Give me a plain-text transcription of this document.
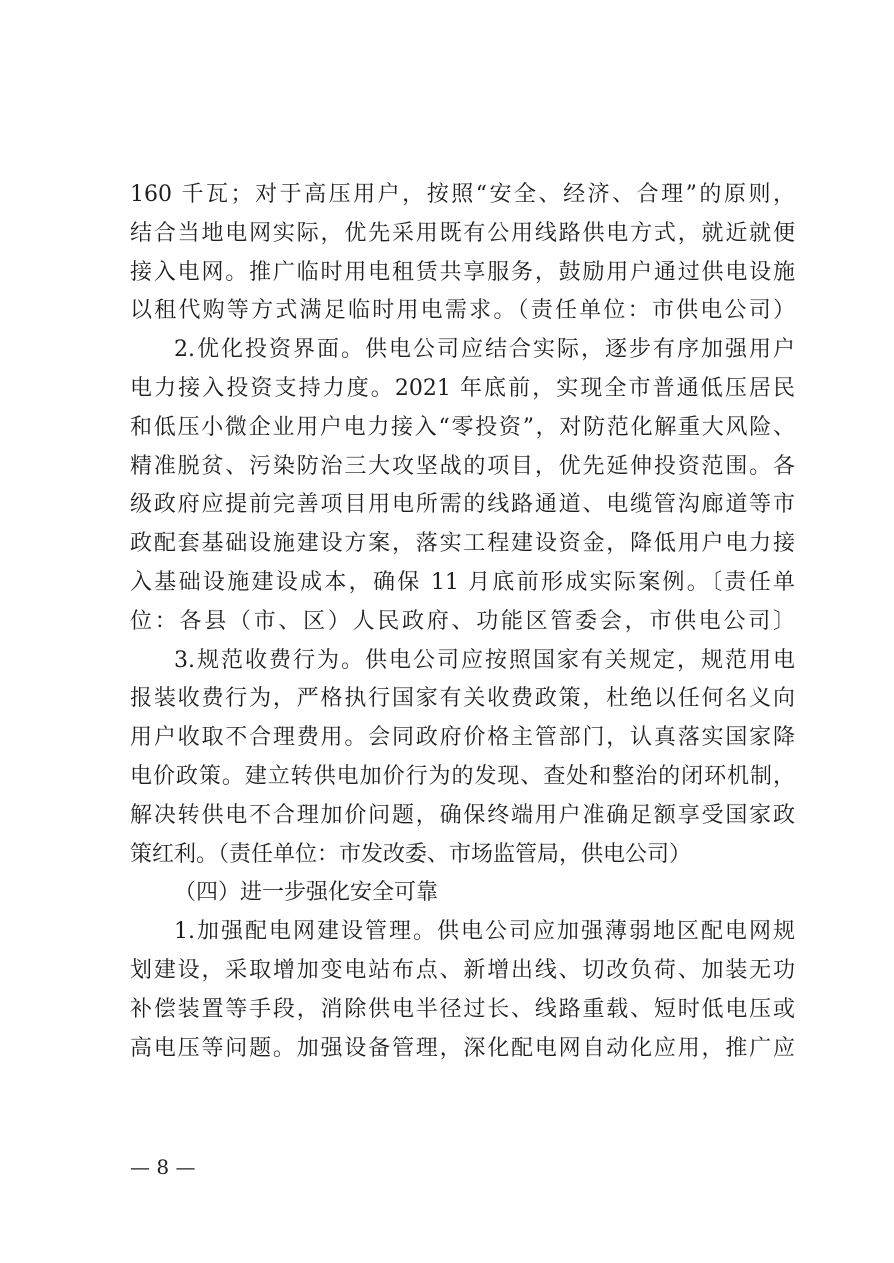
160 千瓦；对于高压用户，按照“安全、经济、合理”的原则，
结合当地电网实际，优先采用既有公用线路供电方式，就近就便
接入电网。推广临时用电租赁共享服务，鼓励用户通过供电设施
以租代购等方式满足临时用电需求。（责任单位：市供电公司）
2.优化投资界面。供电公司应结合实际，逐步有序加强用户
电力接入投资支持力度。2021 年底前，实现全市普通低压居民
和低压小微企业用户电力接入“零投资”，对防范化解重大风险、
精准脱贫、污染防治三大攻坚战的项目，优先延伸投资范围。各
级政府应提前完善项目用电所需的线路通道、电缆管沟廊道等市
政配套基础设施建设方案，落实工程建设资金，降低用户电力接
入基础设施建设成本，确保 11 月底前形成实际案例。〔责任单
位：各县（市、区）人民政府、功能区管委会，市供电公司〕
3.规范收费行为。供电公司应按照国家有关规定，规范用电
报装收费行为，严格执行国家有关收费政策，杜绝以任何名义向
用户收取不合理费用。会同政府价格主管部门，认真落实国家降
电价政策。建立转供电加价行为的发现、查处和整治的闭环机制，
解决转供电不合理加价问题，确保终端用户准确足额享受国家政
策红利。（责任单位：市发改委、市场监管局，供电公司）
（四）进一步强化安全可靠
1.加强配电网建设管理。供电公司应加强薄弱地区配电网规
划建设，采取增加变电站布点、新增出线、切改负荷、加装无功
补偿装置等手段，消除供电半径过长、线路重载、短时低电压或
高电压等问题。加强设备管理，深化配电网自动化应用，推广应
— 8 —
